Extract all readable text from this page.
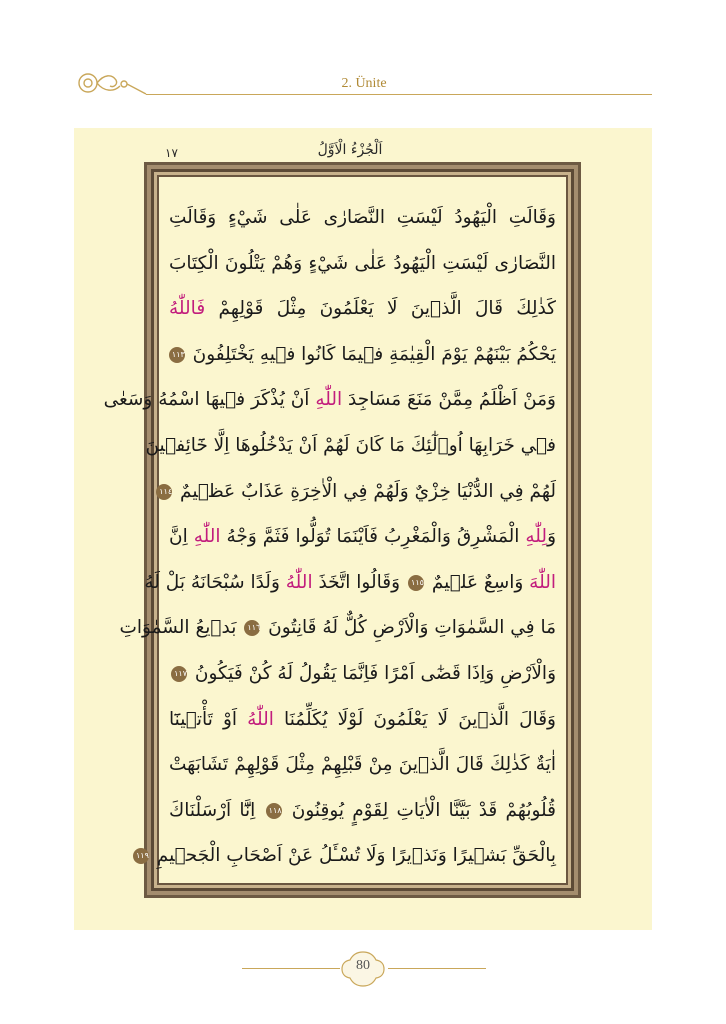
2. Ünite
اَلْجُزْءُ الْاَوَّلُ
١٧
وَقَالَتِ الْيَهُودُ لَيْسَتِ النَّصَارٰى عَلٰى شَيْءٍ وَقَالَتِ
النَّصَارٰى لَيْسَتِ الْيَهُودُ عَلٰى شَيْءٍ وَهُمْ يَتْلُونَ الْكِتَابَ
كَذٰلِكَ قَالَ الَّذ۪ينَ لَا يَعْلَمُونَ مِثْلَ قَوْلِهِمْ فَاللّٰهُ
يَحْكُمُ بَيْنَهُمْ يَوْمَ الْقِيٰمَةِ ف۪يمَا كَانُوا ف۪يهِ يَخْتَلِفُونَ ١١٣
وَمَنْ اَظْلَمُ مِمَّنْ مَنَعَ مَسَاجِدَ اللّٰهِ اَنْ يُذْكَرَ ف۪يهَا اسْمُهُ وَسَعٰى
ف۪ي خَرَابِهَا اُو۬لٰٓئِكَ مَا كَانَ لَهُمْ اَنْ يَدْخُلُوهَا اِلَّا خَٓائِف۪ينَ
لَهُمْ فِي الدُّنْيَا خِزْيٌ وَلَهُمْ فِي الْاٰخِرَةِ عَذَابٌ عَظ۪يمٌ ١١٤
وَلِلّٰهِ الْمَشْرِقُ وَالْمَغْرِبُ فَاَيْنَمَا تُوَلُّوا فَثَمَّ وَجْهُ اللّٰهِ اِنَّ
اللّٰهَ وَاسِعٌ عَل۪يمٌ ١١٥ وَقَالُوا اتَّخَذَ اللّٰهُ وَلَدًا سُبْحَانَهُ بَلْ لَهُ
مَا فِي السَّمٰوَاتِ وَالْاَرْضِ كُلٌّ لَهُ قَانِتُونَ ١١٦ بَد۪يعُ السَّمٰوَاتِ
وَالْاَرْضِ وَاِذَا قَضٰٓى اَمْرًا فَاِنَّمَا يَقُولُ لَهُ كُنْ فَيَكُونُ ١١٧
وَقَالَ الَّذ۪ينَ لَا يَعْلَمُونَ لَوْلَا يُكَلِّمُنَا اللّٰهُ اَوْ تَأْت۪ينَٓا
اٰيَةٌ كَذٰلِكَ قَالَ الَّذ۪ينَ مِنْ قَبْلِهِمْ مِثْلَ قَوْلِهِمْ تَشَابَهَتْ
قُلُوبُهُمْ قَدْ بَيَّنَّا الْاٰيَاتِ لِقَوْمٍ يُوقِنُونَ ١١٨ اِنَّٓا اَرْسَلْنَاكَ
بِالْحَقِّ بَش۪يرًا وَنَذ۪يرًا وَلَا تُسْـَٔلُ عَنْ اَصْحَابِ الْجَح۪يمِ ١١٩
80
